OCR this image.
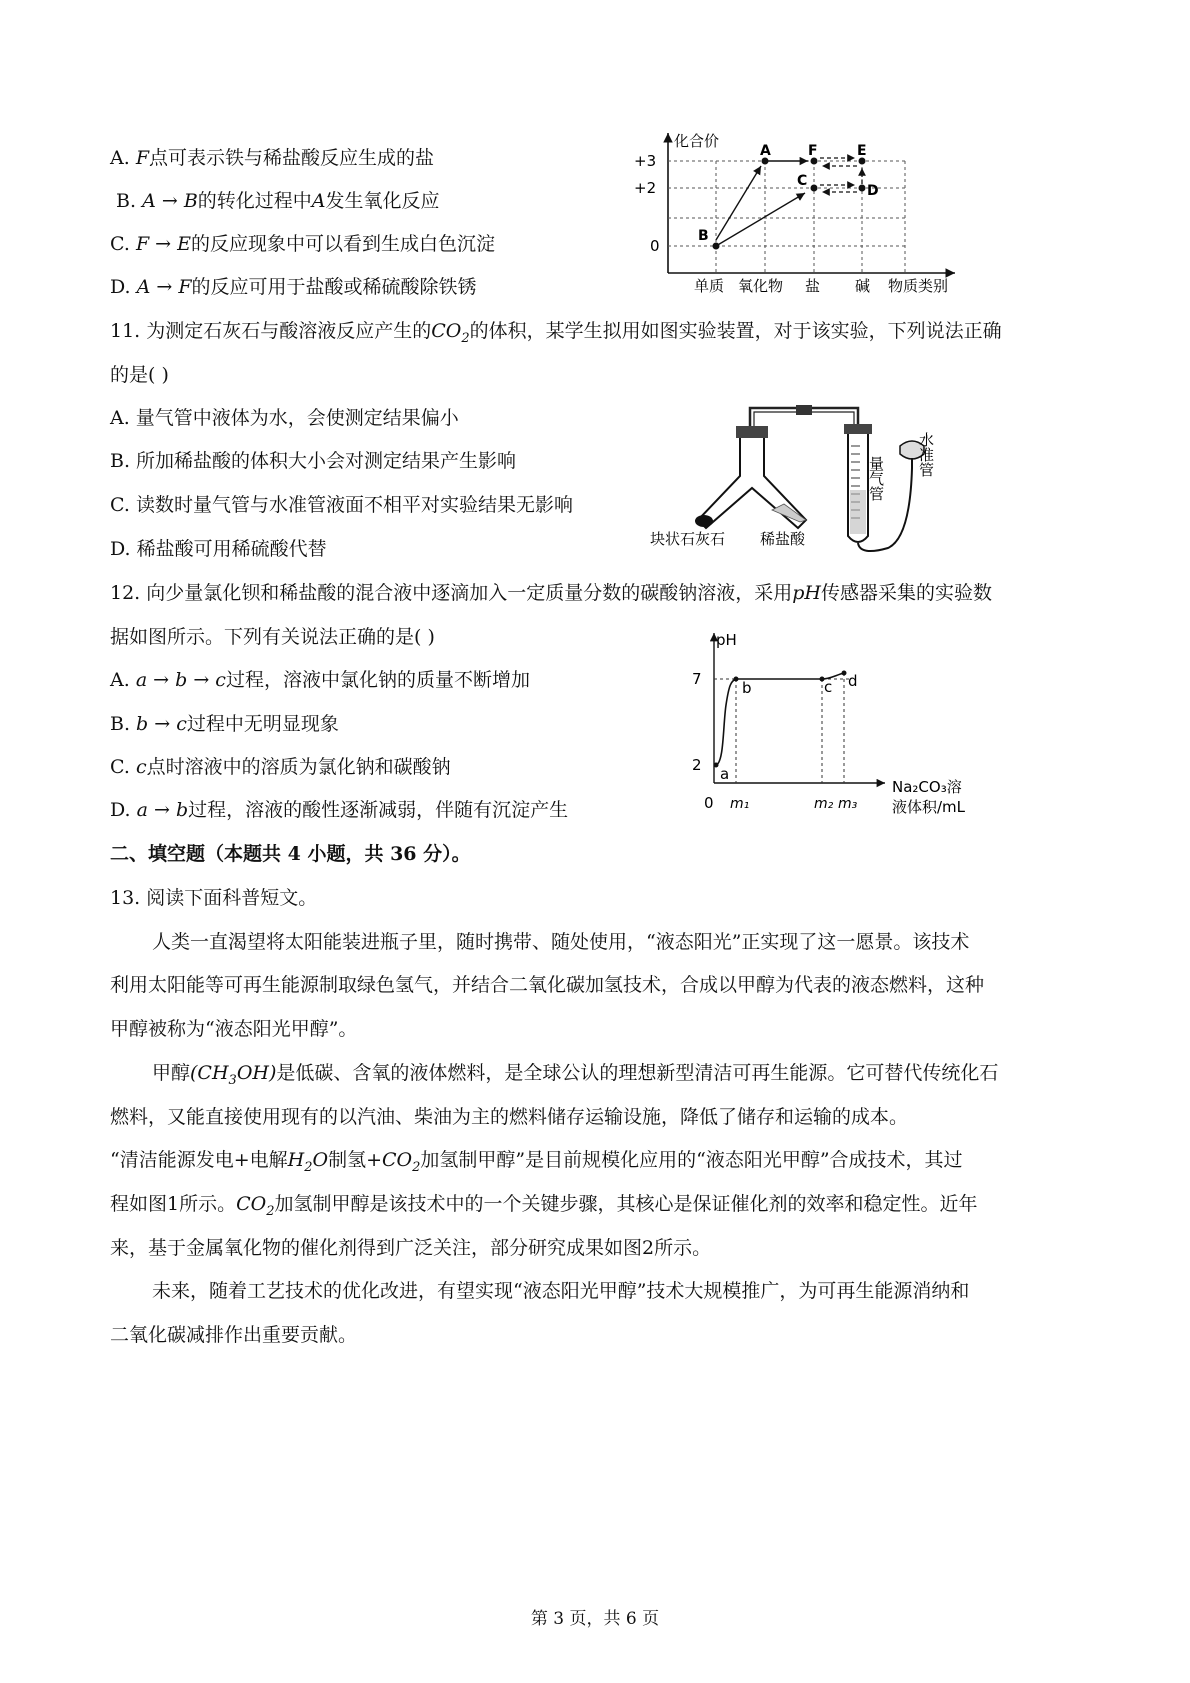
A. F点可表示铁与稀盐酸反应生成的盐
B. A → B的转化过程中A发生氧化反应
C. F → E的反应现象中可以看到生成白色沉淀
D. A → F的反应可用于盐酸或稀硫酸除铁锈
化合价
+3
+2
0
单质 氧化物 盐 碱 物质类别
A	F	E
C
D
B
11. 为测定石灰石与酸溶液反应产生的$CO_2$的体积，某学生拟用如图实验装置，对于该实验，下列说法正确
的是( )
A. 量气管中液体为水，会使测定结果偏小
B. 所加稀盐酸的体积大小会对测定结果产生影响
C. 读数时量气管与水准管液面不相平对实验结果无影响
D. 稀盐酸可用稀硫酸代替	块状石灰石 稀盐酸
量气管
水准管
12. 向少量氯化钡和稀盐酸的混合液中逐滴加入一定质量分数的碳酸钠溶液，采用pH传感器采集的实验数
据如图所示。下列有关说法正确的是( )
A. a → b → c过程，溶液中氯化钠的质量不断增加
B. b → c过程中无明显现象
C. c点时溶液中的溶质为氯化钠和碳酸钠
D. a → b过程，溶液的酸性逐渐减弱，伴随有沉淀产生
pH
7
2
0 m₁	m₂ m₃
Na₂CO₃溶
液体积/mL
a
b	c d
二、填空题（本题共 4 小题，共 36 分）。
13. 阅读下面科普短文。
人类一直渴望将太阳能装进瓶子里，随时携带、随处使用，“液态阳光”正实现了这一愿景。该技术
利用太阳能等可再生能源制取绿色氢气，并结合二氧化碳加氢技术，合成以甲醇为代表的液态燃料，这种
甲醇被称为“液态阳光甲醇”。
甲醇$(CH_3OH)$是低碳、含氧的液体燃料，是全球公认的理想新型清洁可再生能源。它可替代传统化石
燃料，又能直接使用现有的以汽油、柴油为主的燃料储存运输设施，降低了储存和运输的成本。
“清洁能源发电+电解$H_2O$制氢$+CO_2$加氢制甲醇”是目前规模化应用的“液态阳光甲醇”合成技术，其过
程如图1所示。$CO_2$加氢制甲醇是该技术中的一个关键步骤，其核心是保证催化剂的效率和稳定性。近年
来，基于金属氧化物的催化剂得到广泛关注，部分研究成果如图2所示。
未来，随着工艺技术的优化改进，有望实现“液态阳光甲醇”技术大规模推广，为可再生能源消纳和
二氧化碳减排作出重要贡献。
第 3 页，共 6 页
